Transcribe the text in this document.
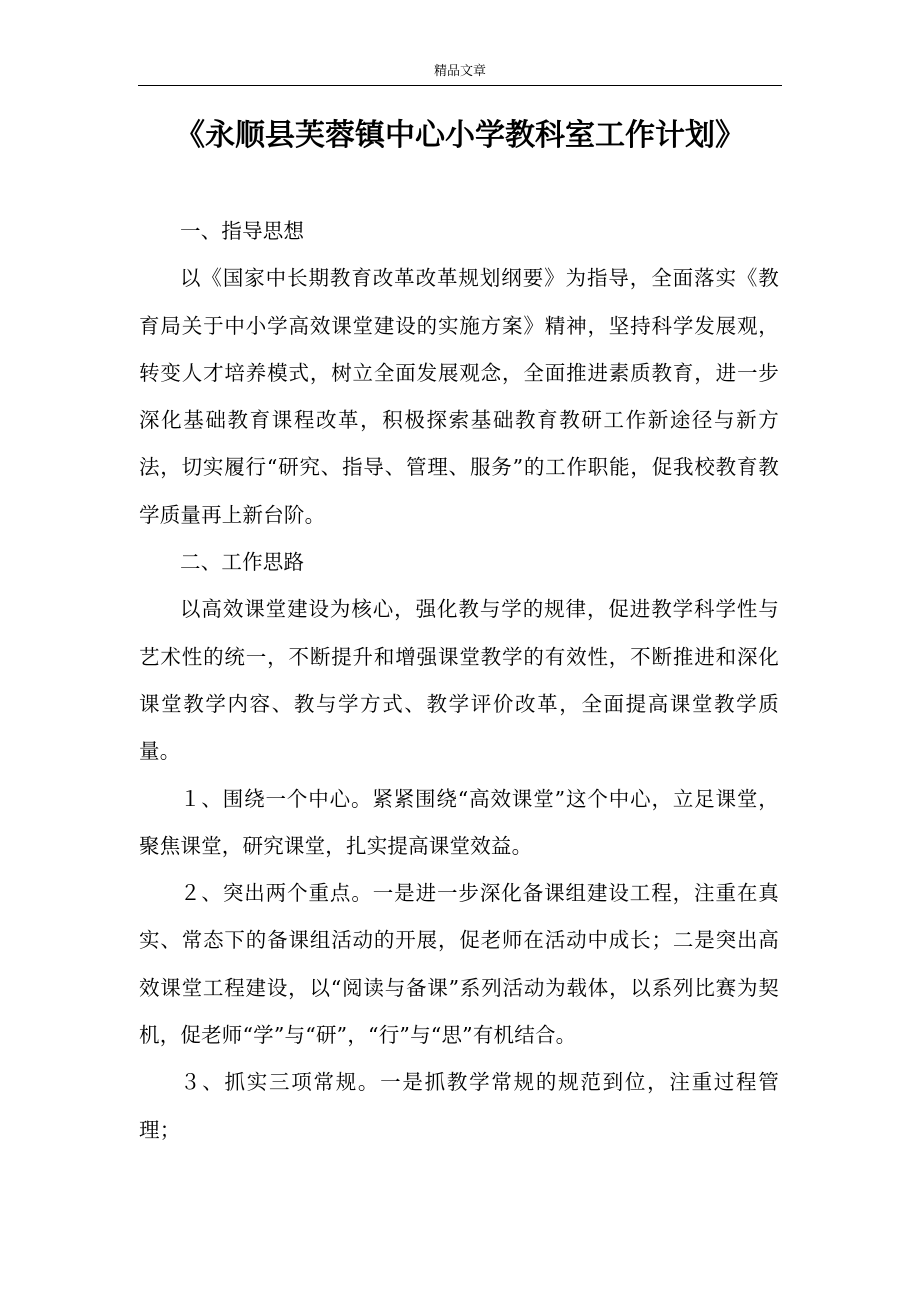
精品文章
《永顺县芙蓉镇中心小学教科室工作计划》

一、指导思想

以《国家中长期教育改革改革规划纲要》为指导，全面落实《教育局关于中小学高效课堂建设的实施方案》精神，坚持科学发展观，转变人才培养模式，树立全面发展观念，全面推进素质教育，进一步深化基础教育课程改革，积极探索基础教育教研工作新途径与新方法，切实履行“研究、指导、管理、服务”的工作职能，促我校教育教学质量再上新台阶。

二、工作思路

以高效课堂建设为核心，强化教与学的规律，促进教学科学性与艺术性的统一，不断提升和增强课堂教学的有效性，不断推进和深化课堂教学内容、教与学方式、教学评价改革，全面提高课堂教学质量。

１、围绕一个中心。紧紧围绕“高效课堂”这个中心，立足课堂，聚焦课堂，研究课堂，扎实提高课堂效益。

２、突出两个重点。一是进一步深化备课组建设工程，注重在真实、常态下的备课组活动的开展，促老师在活动中成长；二是突出高效课堂工程建设，以“阅读与备课”系列活动为载体，以系列比赛为契机，促老师“学”与“研”，“行”与“思”有机结合。

３、抓实三项常规。一是抓教学常规的规范到位，注重过程管理；
